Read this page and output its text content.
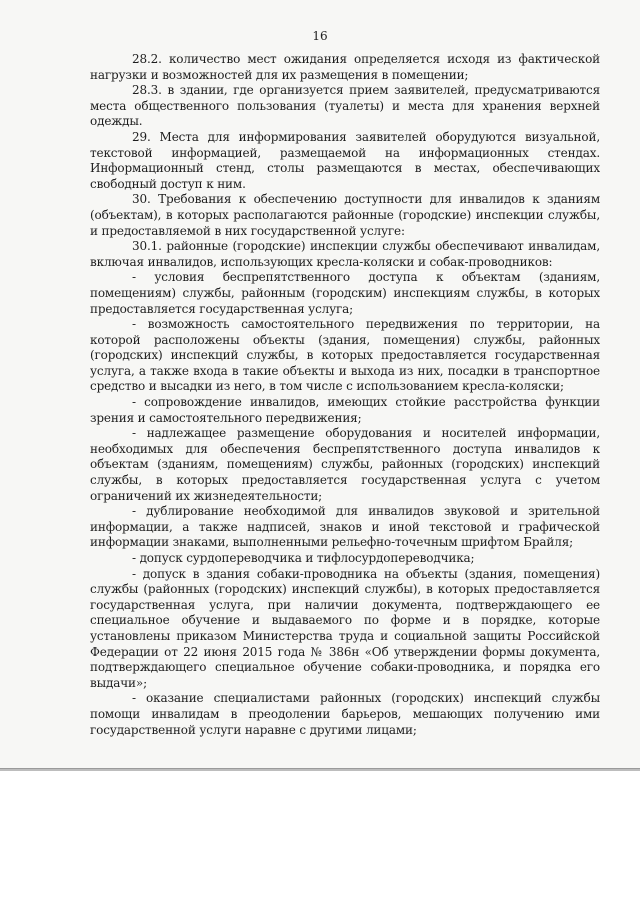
16

28.2. количество мест ожидания определяется исходя из фактической нагрузки и возможностей для их размещения в помещении;

28.3. в здании, где организуется прием заявителей, предусматриваются места общественного пользования (туалеты) и места для хранения верхней одежды.

29. Места для информирования заявителей оборудуются визуальной, текстовой информацией, размещаемой на информационных стендах. Информационный стенд, столы размещаются в местах, обеспечивающих свободный доступ к ним.

30. Требования к обеспечению доступности для инвалидов к зданиям (объектам), в которых располагаются районные (городские) инспекции службы, и предоставляемой в них государственной услуге:

30.1. районные (городские) инспекции службы обеспечивают инвалидам, включая инвалидов, использующих кресла-коляски и собак-проводников:

- условия беспрепятственного доступа к объектам (зданиям, помещениям) службы, районным (городским) инспекциям службы, в которых предоставляется государственная услуга;

- возможность самостоятельного передвижения по территории, на которой расположены объекты (здания, помещения) службы, районных (городских) инспекций службы, в которых предоставляется государственная услуга, а также входа в такие объекты и выхода из них, посадки в транспортное средство и высадки из него, в том числе с использованием кресла-коляски;

- сопровождение инвалидов, имеющих стойкие расстройства функции зрения и самостоятельного передвижения;

- надлежащее размещение оборудования и носителей информации, необходимых для обеспечения беспрепятственного доступа инвалидов к объектам (зданиям, помещениям) службы, районных (городских) инспекций службы, в которых предоставляется государственная услуга с учетом ограничений их жизнедеятельности;

- дублирование необходимой для инвалидов звуковой и зрительной информации, а также надписей, знаков и иной текстовой и графической информации знаками, выполненными рельефно-точечным шрифтом Брайля;

- допуск сурдопереводчика и тифлосурдопереводчика;

- допуск в здания собаки-проводника на объекты (здания, помещения) службы (районных (городских) инспекций службы), в которых предоставляется государственная услуга, при наличии документа, подтверждающего ее специальное обучение и выдаваемого по форме и в порядке, которые установлены приказом Министерства труда и социальной защиты Российской Федерации от 22 июня 2015 года № 386н «Об утверждении формы документа, подтверждающего специальное обучение собаки-проводника, и порядка его выдачи»;

- оказание специалистами районных (городских) инспекций службы помощи инвалидам в преодолении барьеров, мешающих получению ими государственной услуги наравне с другими лицами;
